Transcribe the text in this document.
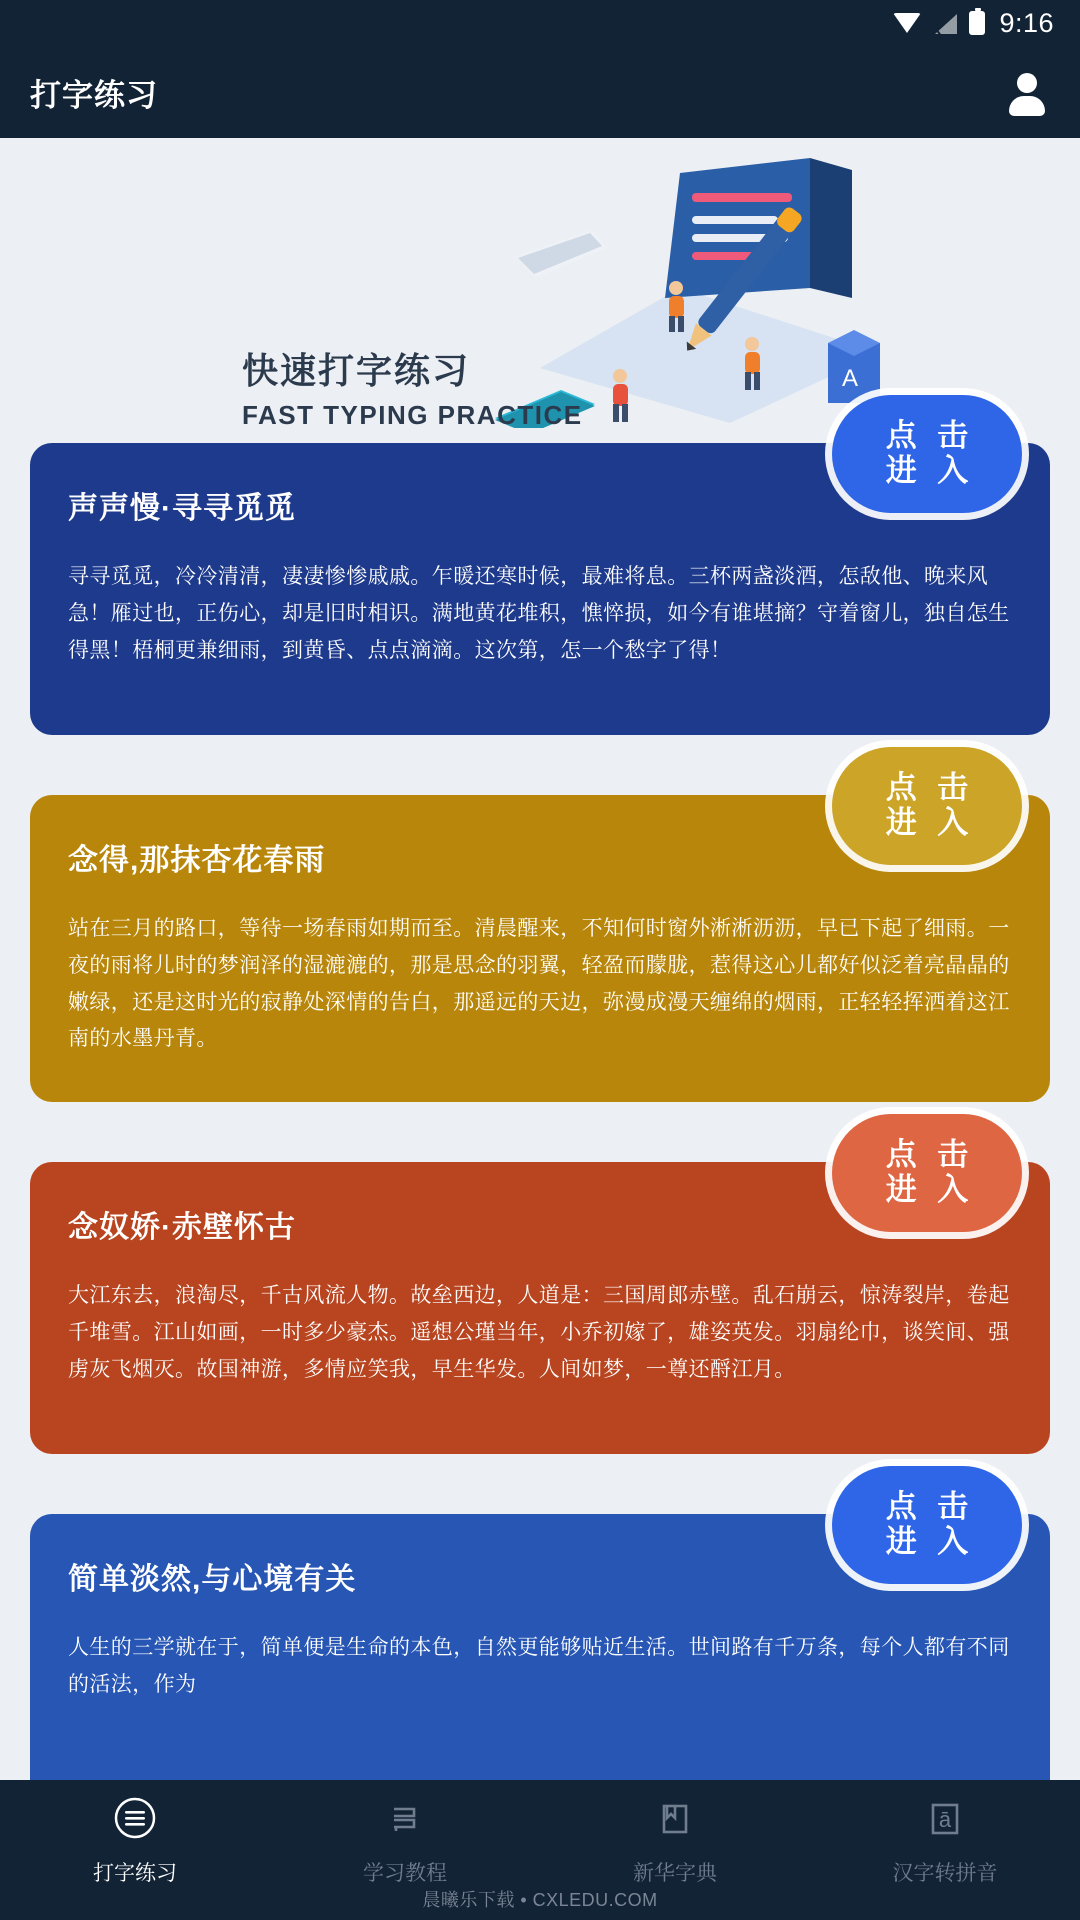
9:16
打字练习
A
快速打字练习
FAST TYPING PRACTICE
点 击
进 入
声声慢·寻寻觅觅
寻寻觅觅，冷冷清清，凄凄惨惨戚戚。乍暖还寒时候，最难将息。三杯两盏淡酒，怎敌他、晚来风急！雁过也，正伤心，却是旧时相识。满地黄花堆积，憔悴损，如今有谁堪摘？守着窗儿，独自怎生得黑！梧桐更兼细雨，到黄昏、点点滴滴。这次第，怎一个愁字了得！
点 击
进 入
念得,那抹杏花春雨
站在三月的路口，等待一场春雨如期而至。清晨醒来，不知何时窗外淅淅沥沥，早已下起了细雨。一夜的雨将儿时的梦润泽的湿漉漉的，那是思念的羽翼，轻盈而朦胧，惹得这心儿都好似泛着亮晶晶的嫩绿，还是这时光的寂静处深情的告白，那遥远的天边，弥漫成漫天缠绵的烟雨，正轻轻挥洒着这江南的水墨丹青。
点 击
进 入
念奴娇·赤壁怀古
大江东去，浪淘尽，千古风流人物。故垒西边，人道是：三国周郎赤壁。乱石崩云，惊涛裂岸，卷起千堆雪。江山如画，一时多少豪杰。遥想公瑾当年，小乔初嫁了，雄姿英发。羽扇纶巾，谈笑间、强虏灰飞烟灭。故国神游，多情应笑我，早生华发。人间如梦，一尊还酹江月。
点 击
进 入
简单淡然,与心境有关
人生的三学就在于，简单便是生命的本色，自然更能够贴近生活。世间路有千万条，每个人都有不同的活法，作为
打字练习	学习教程	新华字典
ā
汉字转拼音
晨曦乐下载 • CXLEDU.COM
